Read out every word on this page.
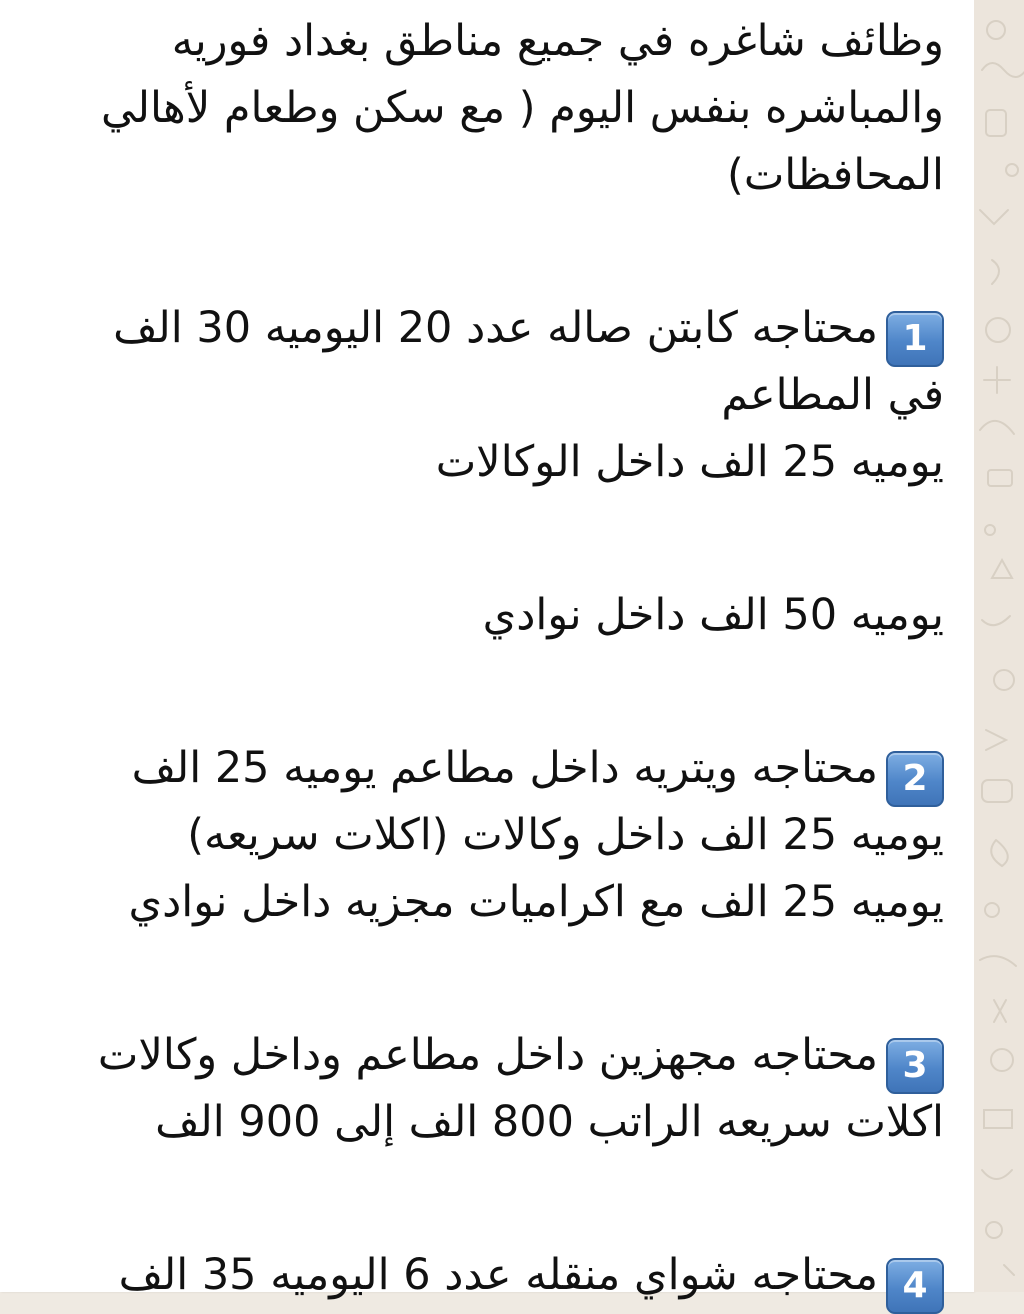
وظائف شاغره في جميع مناطق بغداد فوريه
والمباشره بنفس اليوم ( مع سكن وطعام لأهالي
المحافظات)
1محتاجه كابتن صاله عدد 20 اليوميه 30 الف
في المطاعم
يوميه 25 الف داخل الوكالات
يوميه 50 الف داخل نوادي
2محتاجه ويتريه داخل مطاعم يوميه 25 الف
يوميه 25 الف داخل وكالات (اكلات سريعه)
يوميه 25 الف مع اكراميات مجزيه داخل نوادي
3محتاجه مجهزين داخل مطاعم وداخل وكالات
اكلات سريعه الراتب 800 الف إلى 900 الف
4محتاجه شواي منقله عدد 6 اليوميه 35 الف
